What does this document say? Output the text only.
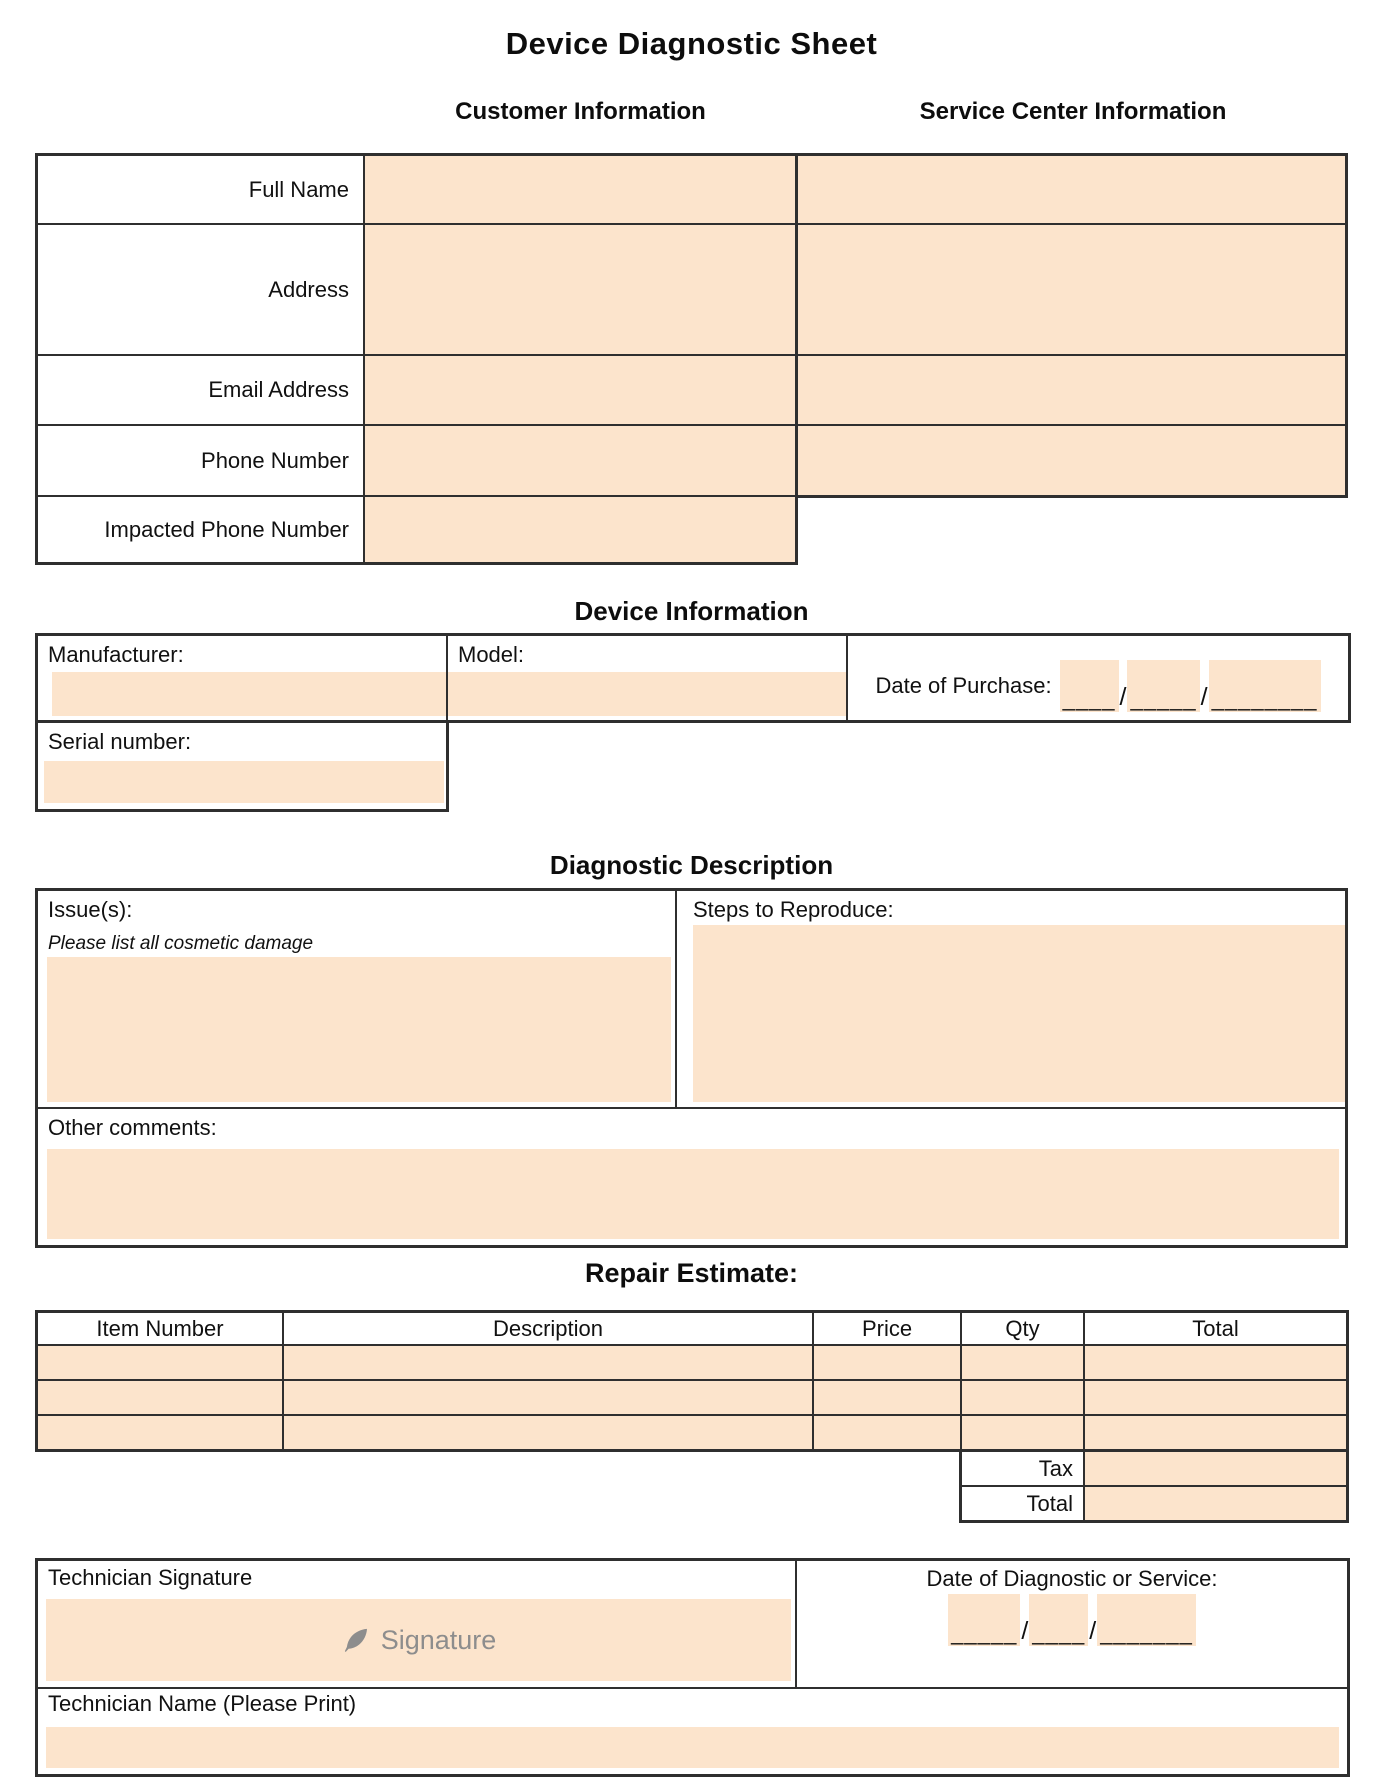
Device Diagnostic Sheet
Customer Information	Service Center Information
Full Name
Address
Email Address
Phone Number
Impacted Phone Number
Device Information
Manufacturer:	Model:
Date of Purchase:
____ / _____ / ________
Serial number:
Diagnostic Description
Issue(s):
Please list all cosmetic damage
Steps to Reproduce:
Other comments:
Repair Estimate:
Item Number	Description	Price	Qty	Total
Tax
Total
Technician Signature
Signature
Date of Diagnostic or Service:
_____ / ____ / _______
Technician Name (Please Print)
